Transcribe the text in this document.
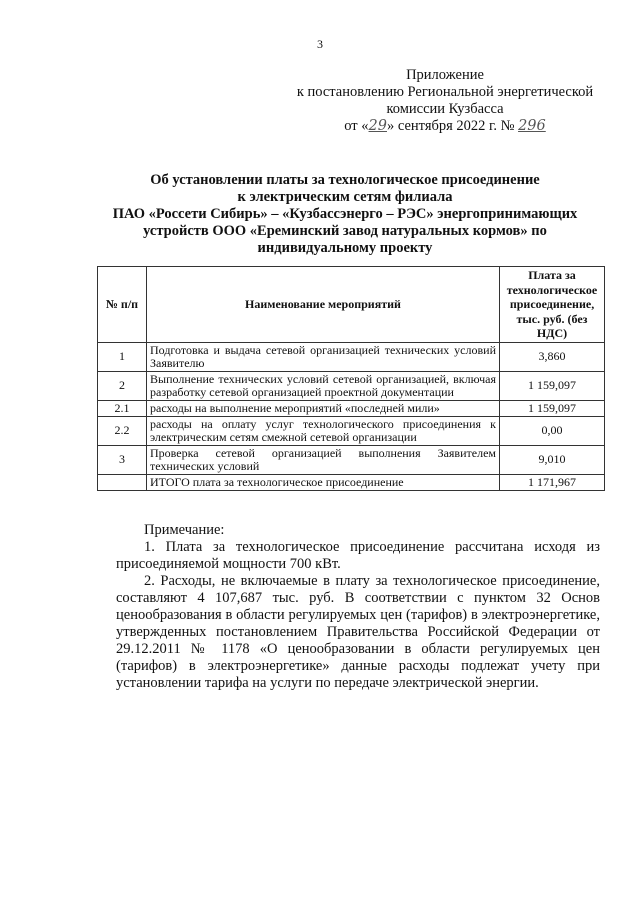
3
Приложение
к постановлению Региональной энергетической
комиссии Кузбасса
от «29» сентября 2022 г. № 296
Об установлении платы за технологическое присоединение
к электрическим сетям филиала
ПАО «Россети Сибирь» – «Кузбассэнерго – РЭС» энергопринимающих
устройств ООО «Ереминский завод натуральных кормов» по
индивидуальному проекту
№ п/п	Наименование мероприятий	Плата за технологическое присоединение, тыс. руб. (без НДС)
1	Подготовка и выдача сетевой организацией технических условий Заявителю	3,860
2	Выполнение технических условий сетевой организацией, включая разработку сетевой организацией проектной документации	1 159,097
2.1	расходы на выполнение мероприятий «последней мили»	1 159,097
2.2	расходы на оплату услуг технологического присоединения к электрическим сетям смежной сетевой организации	0,00
3	Проверка сетевой организацией выполнения Заявителем технических условий	9,010
	ИТОГО плата за технологическое присоединение	1 171,967

Примечание:

1. Плата за технологическое присоединение рассчитана исходя из присоединяемой мощности 700 кВт.

2. Расходы, не включаемые в плату за технологическое присоединение, составляют 4 107,687 тыс. руб. В соответствии с пунктом 32 Основ ценообразования в области регулируемых цен (тарифов) в электроэнергетике, утвержденных постановлением Правительства Российской Федерации от 29.12.2011 № 1178 «О ценообразовании в области регулируемых цен (тарифов) в электроэнергетике» данные расходы подлежат учету при установлении тарифа на услуги по передаче электрической энергии.
